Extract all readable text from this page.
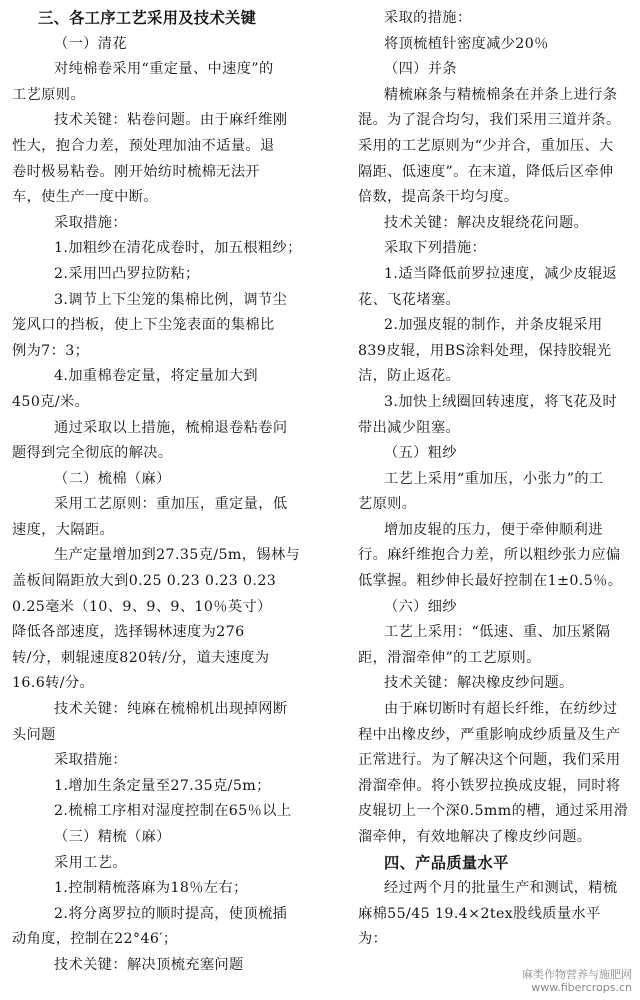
三、各工序工艺采用及技术关键
（一）清花
对纯棉卷采用“重定量、中速度”的
工艺原则。
技术关键：粘卷问题。由于麻纤维刚
性大，抱合力差，预处理加油不适量。退
卷时极易粘卷。刚开始纺时梳棉无法开
车，使生产一度中断。
采取措施：
1.加粗纱在清花成卷时，加五根粗纱；
2.采用凹凸罗拉防粘；
3.调节上下尘笼的集棉比例，调节尘
笼风口的挡板，使上下尘笼表面的集棉比
例为7：3；
4.加重棉卷定量，将定量加大到
450克/米。
通过采取以上措施，梳棉退卷粘卷问
题得到完全彻底的解决。
（二）梳棉（麻）
采用工艺原则：重加压，重定量，低
速度，大隔距。
生产定量增加到27.35克/5m，锡林与
盖板间隔距放大到0.25 0.23 0.23 0.23
0.25毫米（10、9、9、9、10％英寸）
降低各部速度，选择锡林速度为276
转/分，刺辊速度820转/分，道夫速度为
16.6转/分。
技术关键：纯麻在梳棉机出现掉网断
头问题
采取措施：
1.增加生条定量至27.35克/5m；
2.梳棉工序相对湿度控制在65％以上
（三）精梳（麻）
采用工艺。
1.控制精梳落麻为18％左右；
2.将分离罗拉的顺时提高，使顶梳插
动角度，控制在22°46′；
技术关键：解决顶梳充塞问题
采取的措施：
将顶梳植针密度减少20％
（四）并条
精梳麻条与精梳棉条在并条上进行条
混。为了混合均匀，我们采用三道并条。
采用的工艺原则为“少并合，重加压、大
隔距、低速度”。在末道，降低后区牵伸
倍数，提高条干均匀度。
技术关键：解决皮辊绕花问题。
采取下列措施：
1.适当降低前罗拉速度，减少皮辊返
花、飞花堵塞。
2.加强皮辊的制作，并条皮辊采用
839皮辊，用BS涂料处理，保持胶辊光
洁，防止返花。
3.加快上绒圈回转速度，将飞花及时
带出减少阻塞。
（五）粗纱
工艺上采用“重加压，小张力”的工
艺原则。
增加皮辊的压力，便于牵伸顺利进
行。麻纤维抱合力差，所以粗纱张力应偏
低掌握。粗纱伸长最好控制在1±0.5％。
（六）细纱
工艺上采用：“低速、重、加压紧隔
距，滑溜牵伸”的工艺原则。
技术关键：解决橡皮纱问题。
由于麻切断时有超长纤维，在纺纱过
程中出橡皮纱，严重影响成纱质量及生产
正常进行。为了解决这个问题，我们采用
滑溜牵伸。将小铁罗拉换成皮辊，同时将
皮辊切上一个深0.5mm的槽，通过采用滑
溜牵伸，有效地解决了橡皮纱问题。
四、产品质量水平
经过两个月的批量生产和测试，精梳
麻棉55/45 19.4×2tex股线质量水平
为：
麻类作物营养与施肥网
www.fibercrops.cn
